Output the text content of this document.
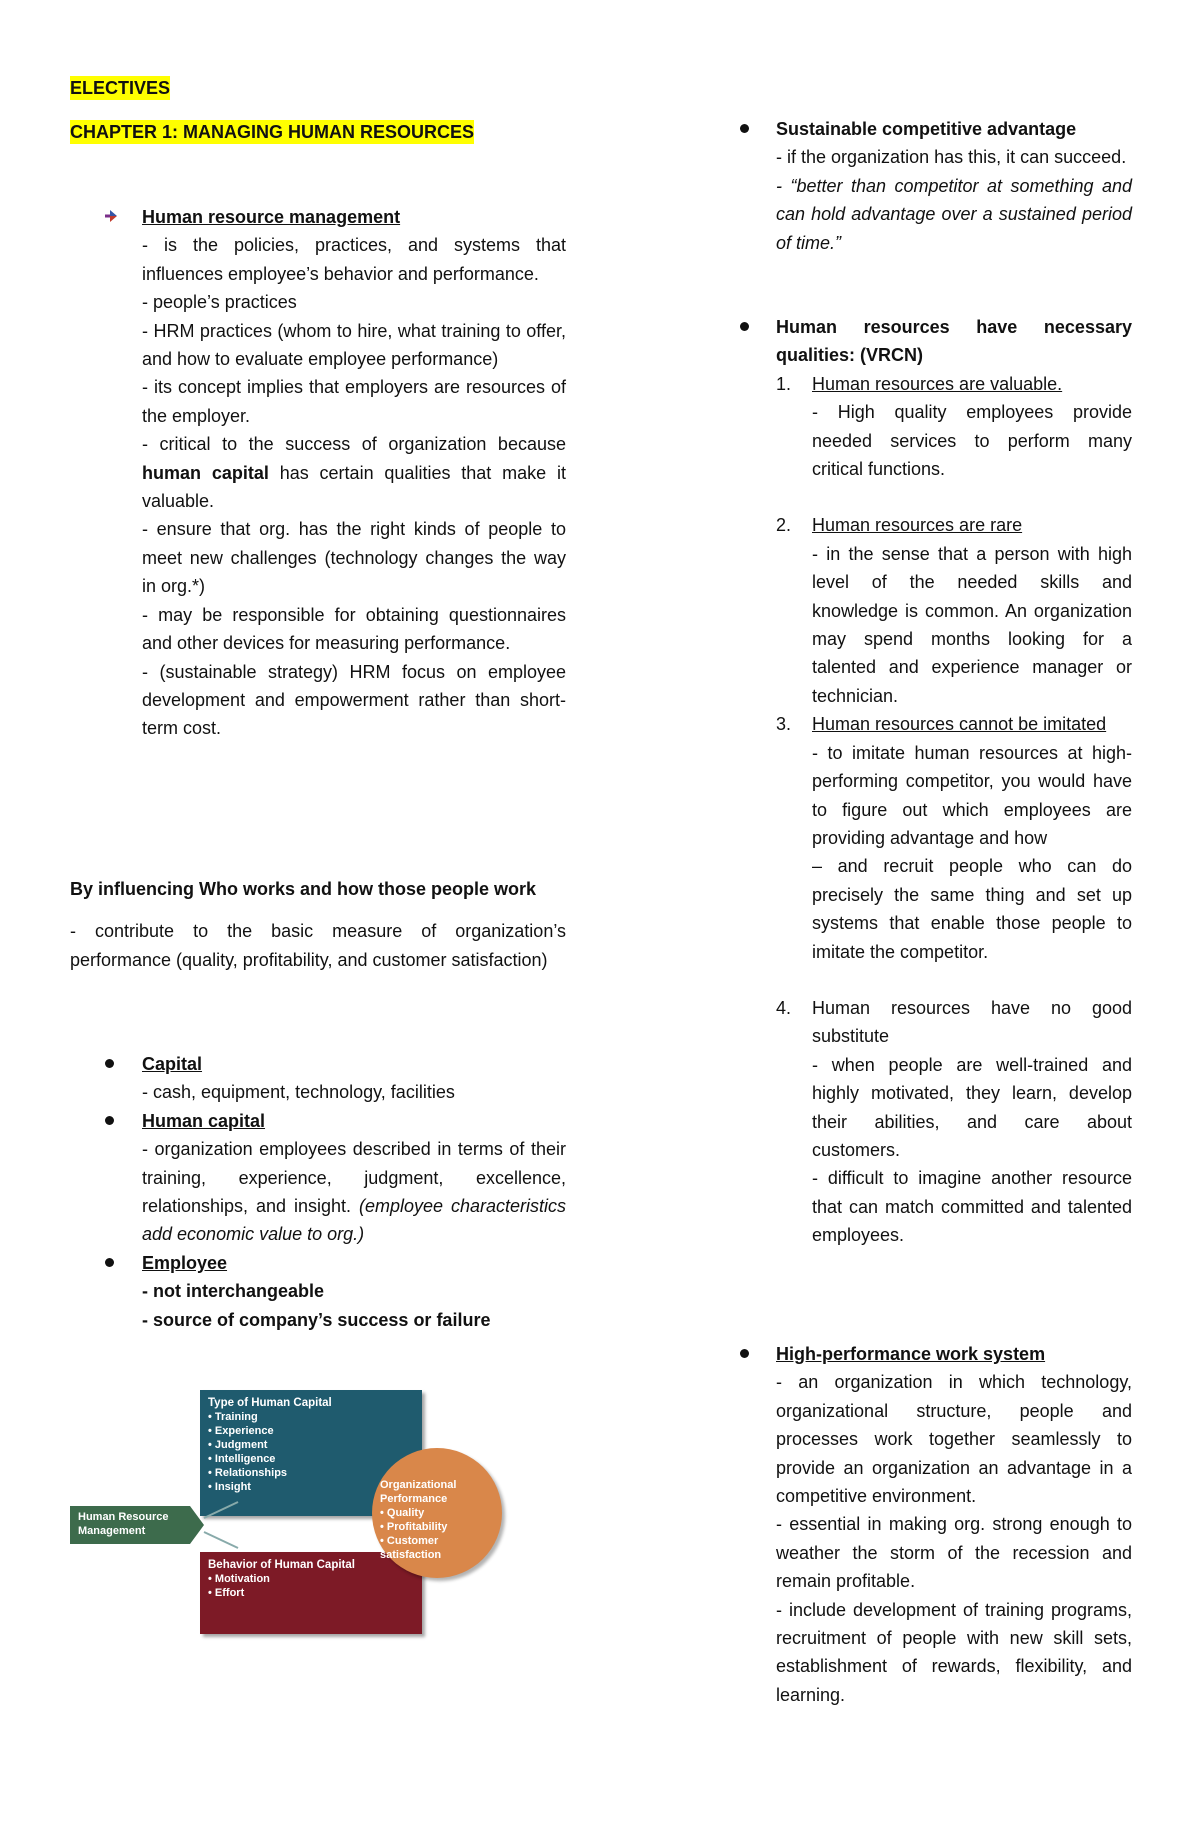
ELECTIVES
CHAPTER 1: MANAGING HUMAN RESOURCES

Human resource management

- is the policies, practices, and systems that influences employee’s behavior and performance.

- people’s practices

- HRM practices (whom to hire, what training to offer, and how to evaluate employee performance)

- its concept implies that employers are resources of the employer.

- critical to the success of organization because human capital has certain qualities that make it valuable.

- ensure that org. has the right kinds of people to meet new challenges (technology changes the way in org.*)

- may be responsible for obtaining questionnaires and other devices for measuring performance.

- (sustainable strategy) HRM focus on employee development and empowerment rather than short-term cost.

By influencing Who works and how those people work

- contribute to the basic measure of organization’s performance (quality, profitability, and customer satisfaction)

Capital

- cash, equipment, technology, facilities

Human capital

- organization employees described in terms of their training, experience, judgment, excellence, relationships, and insight. (employee characteristics add economic value to org.)

Employee

- not interchangeable

- source of company’s success or failure

Type of Human Capital
• Training
• Experience
• Judgment
• Intelligence
• Relationships
• Insight
Human Resource Management
Behavior of Human Capital
• Motivation
• Effort
Organizational Performance
• Quality
• Profitability
• Customer satisfaction

Sustainable competitive advantage

- if the organization has this, it can succeed.

- “better than competitor at something and can hold advantage over a sustained period of time.”

Human resources have necessary qualities: (VRCN)

1. Human resources are valuable.

- High quality employees provide needed services to perform many critical functions.

2. Human resources are rare

- in the sense that a person with high level of the needed skills and knowledge is common. An organization may spend months looking for a talented and experience manager or technician.

3. Human resources cannot be imitated

- to imitate human resources at high-performing competitor, you would have to figure out which employees are providing advantage and how

– and recruit people who can do precisely the same thing and set up systems that enable those people to imitate the competitor.

4. Human resources have no good substitute

- when people are well-trained and highly motivated, they learn, develop their abilities, and care about customers.

- difficult to imagine another resource that can match committed and talented employees.

High-performance work system

- an organization in which technology, organizational structure, people and processes work together seamlessly to provide an organization an advantage in a competitive environment.

- essential in making org. strong enough to weather the storm of the recession and remain profitable.

- include development of training programs, recruitment of people with new skill sets, establishment of rewards, flexibility, and learning.
